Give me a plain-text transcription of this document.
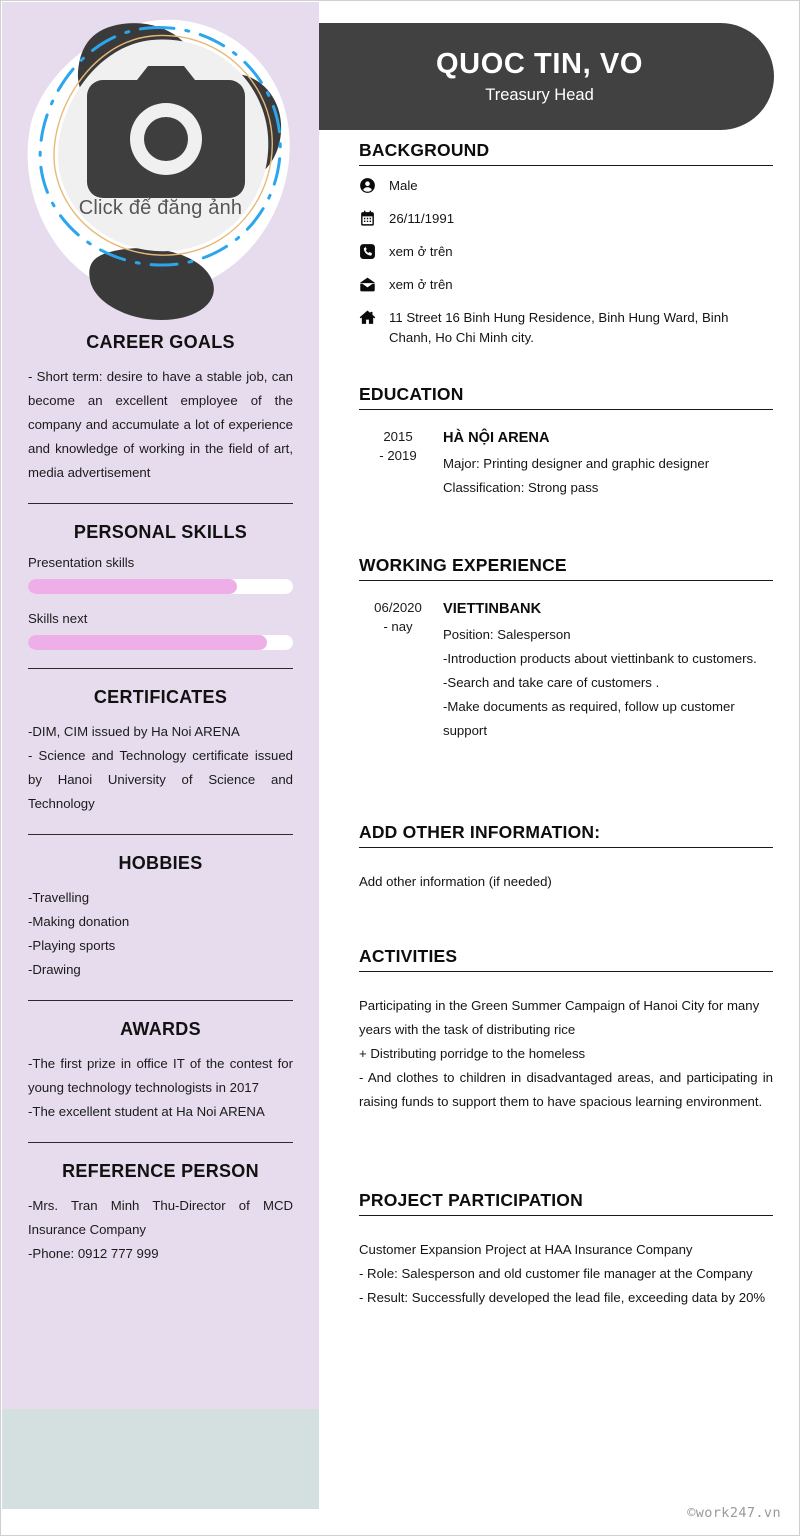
Click để đăng ảnh
CAREER GOALS
- Short term: desire to have a stable job, can become an excellent employee of the company and accumulate a lot of experience and knowledge of working in the field of art, media advertisement
PERSONAL SKILLS
Presentation skills
Skills next
CERTIFICATES
-DIM, CIM issued by Ha Noi ARENA
- Science and Technology certificate issued by Hanoi University of Science and Technology
HOBBIES
-Travelling
-Making donation
-Playing sports
-Drawing
AWARDS
-The first prize in office IT of the contest for young technology technologists in 2017
-The excellent student at Ha Noi ARENA
REFERENCE PERSON
-Mrs. Tran Minh Thu-Director of MCD Insurance Company
-Phone: 0912 777 999
QUOC TIN, VO
Treasury Head
BACKGROUND
Male
26/11/1991
xem ở trên
xem ở trên
11 Street 16 Binh Hung Residence, Binh Hung Ward, Binh Chanh, Ho Chi Minh city.
EDUCATION
2015
- 2019
HÀ NỘI ARENA
Major: Printing designer and graphic designer
Classification: Strong pass
WORKING EXPERIENCE
06/2020
- nay
VIETTINBANK
Position: Salesperson
-Introduction products about viettinbank to customers.
-Search and take care of customers .
-Make documents as required, follow up customer support
ADD OTHER INFORMATION:
Add other information (if needed)
ACTIVITIES
Participating in the Green Summer Campaign of Hanoi City for many years with the task of distributing rice
+ Distributing porridge to the homeless
- And clothes to children in disadvantaged areas, and participating in raising funds to support them to have spacious learning environment.
PROJECT PARTICIPATION
Customer Expansion Project at HAA Insurance Company
- Role: Salesperson and old customer file manager at the Company
- Result: Successfully developed the lead file, exceeding data by 20%
©work247.vn
